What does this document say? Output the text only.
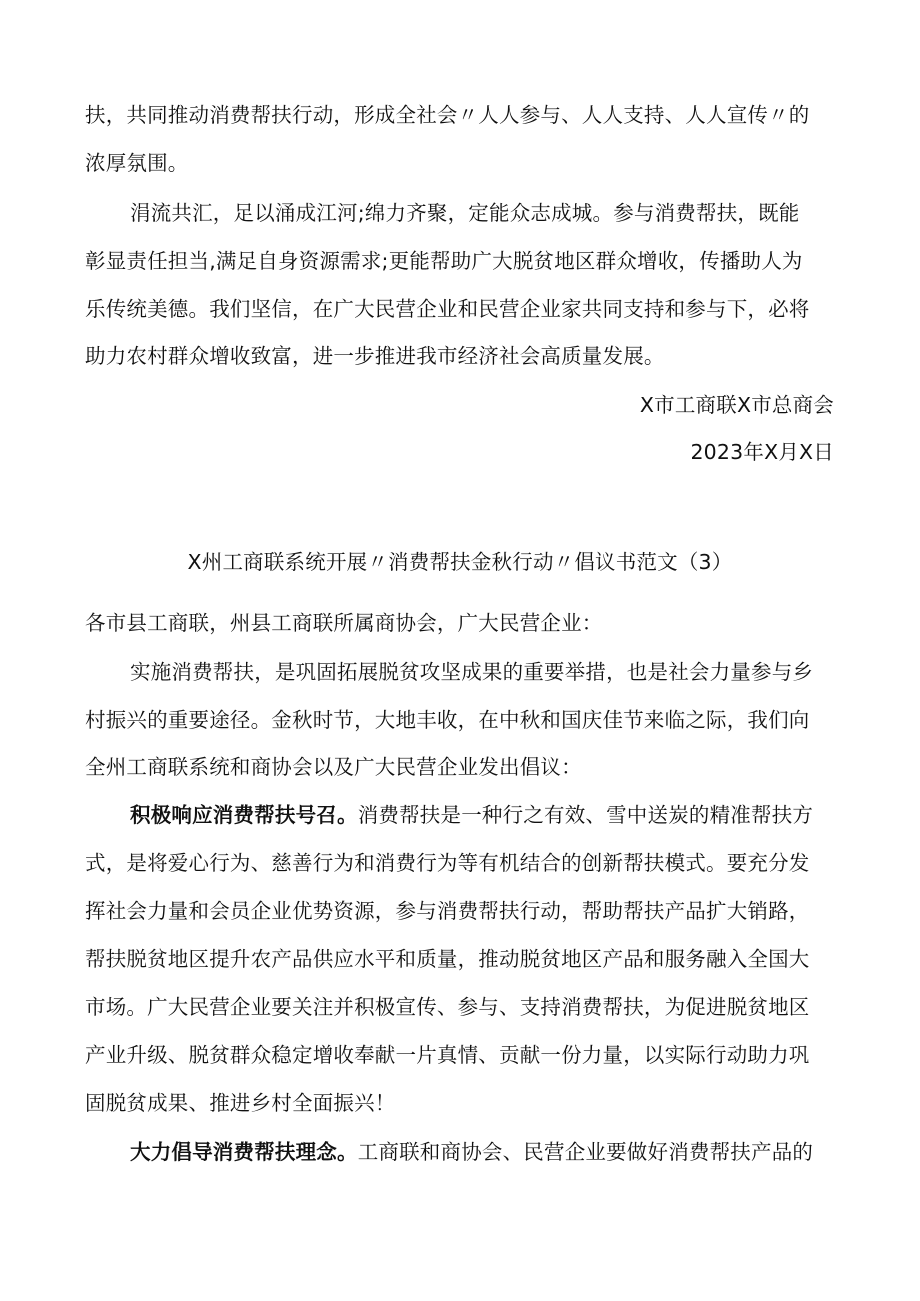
扶，共同推动消费帮扶行动，形成全社会〃人人参与、人人支持、人人宣传〃的
浓厚氛围。
涓流共汇，足以涌成江河;绵力齐聚，定能众志成城。参与消费帮扶，既能
彰显责任担当,满足自身资源需求;更能帮助广大脱贫地区群众增收，传播助人为
乐传统美德。我们坚信，在广大民营企业和民营企业家共同支持和参与下，必将
助力农村群众增收致富，进一步推进我市经济社会高质量发展。
X市工商联X市总商会
2023年X月X日
X州工商联系统开展〃消费帮扶金秋行动〃倡议书范文（3）
各市县工商联，州县工商联所属商协会，广大民营企业：
实施消费帮扶，是巩固拓展脱贫攻坚成果的重要举措，也是社会力量参与乡
村振兴的重要途径。金秋时节，大地丰收，在中秋和国庆佳节来临之际，我们向
全州工商联系统和商协会以及广大民营企业发出倡议：
积极响应消费帮扶号召。消费帮扶是一种行之有效、雪中送炭的精准帮扶方
式，是将爱心行为、慈善行为和消费行为等有机结合的创新帮扶模式。要充分发
挥社会力量和会员企业优势资源，参与消费帮扶行动，帮助帮扶产品扩大销路，
帮扶脱贫地区提升农产品供应水平和质量，推动脱贫地区产品和服务融入全国大
市场。广大民营企业要关注并积极宣传、参与、支持消费帮扶，为促进脱贫地区
产业升级、脱贫群众稳定增收奉献一片真情、贡献一份力量，以实际行动助力巩
固脱贫成果、推进乡村全面振兴！
大力倡导消费帮扶理念。工商联和商协会、民营企业要做好消费帮扶产品的
